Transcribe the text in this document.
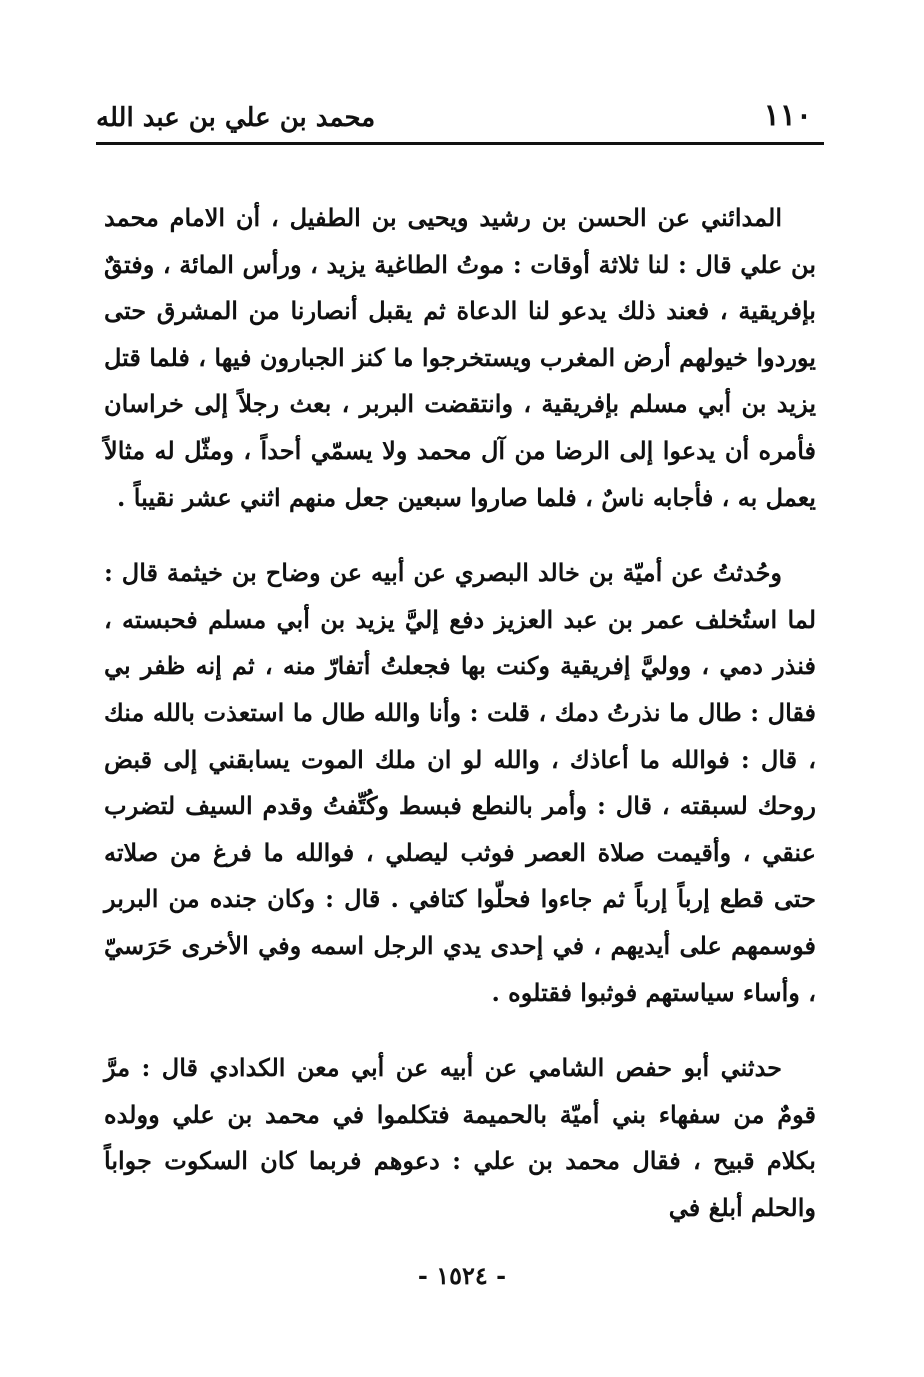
١١٠
محمد بن علي بن عبد الله

المدائني عن الحسن بن رشيد ويحيى بن الطفيل ، أن الامام محمد بن علي قال : لنا ثلاثة أوقات : موتُ الطاغية يزيد ، ورأس المائة ، وفتقٌ بإفريقية ، فعند ذلك يدعو لنا الدعاة ثم يقبل أنصارنا من المشرق حتى يوردوا خيولهم أرض المغرب ويستخرجوا ما كنز الجبارون فيها ، فلما قتل يزيد بن أبي مسلم بإفريقية ، وانتقضت البربر ، بعث رجلاً إلى خراسان فأمره أن يدعوا إلى الرضا من آل محمد ولا يسمّي أحداً ، ومثّل له مثالاً يعمل به ، فأجابه ناسٌ ، فلما صاروا سبعين جعل منهم اثني عشر نقيباً .

وحُدثتُ عن أميّة بن خالد البصري عن أبيه عن وضاح بن خيثمة قال : لما استُخلف عمر بن عبد العزيز دفع إليَّ يزيد بن أبي مسلم فحبسته ، فنذر دمي ، ووليَّ إفريقية وكنت بها فجعلتُ أتفارّ منه ، ثم إنه ظفر بي فقال : طال ما نذرتُ دمك ، قلت : وأنا والله طال ما استعذت بالله منك ، قال : فوالله ما أعاذك ، والله لو ان ملك الموت يسابقني إلى قبض روحك لسبقته ، قال : وأمر بالنطع فبسط وكُتِّفتُ وقدم السيف لتضرب عنقي ، وأقيمت صلاة العصر فوثب ليصلي ، فوالله ما فرغ من صلاته حتى قطع إرباً إرباً ثم جاءوا فحلّوا كتافي . قال : وكان جنده من البربر فوسمهم على أيديهم ، في إحدى يدي الرجل اسمه وفي الأخرى حَرَسيّ ، وأساء سياستهم فوثبوا فقتلوه .

حدثني أبو حفص الشامي عن أبيه عن أبي معن الكدادي قال : مرَّ قومٌ من سفهاء بني أميّة بالحميمة فتكلموا في محمد بن علي وولده بكلام قبيح ، فقال محمد بن علي : دعوهم فربما كان السكوت جواباً والحلم أبلغ في

- ١٥٢٤ -
